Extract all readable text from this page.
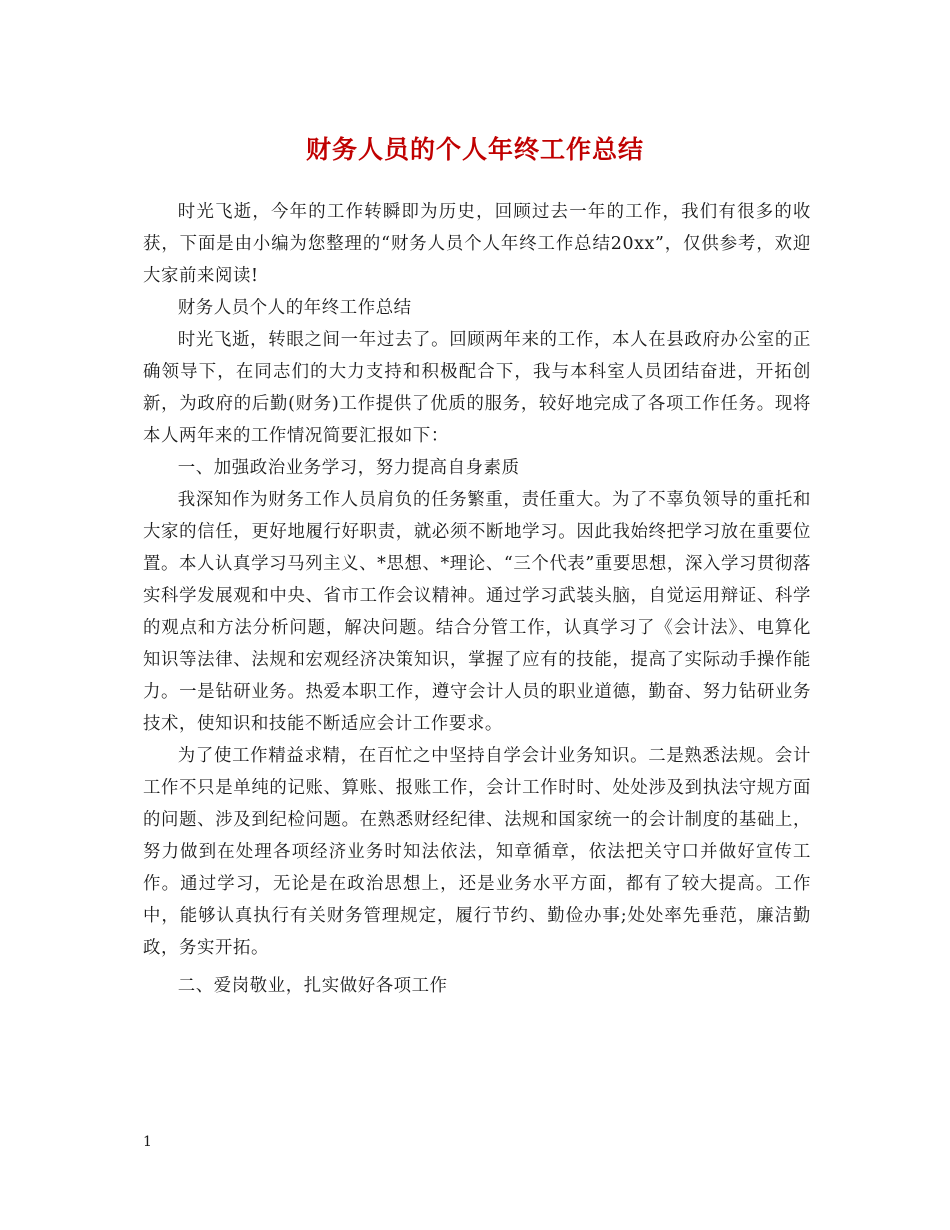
财务人员的个人年终工作总结

时光飞逝，今年的工作转瞬即为历史，回顾过去一年的工作，我们有很多的收获，下面是由小编为您整理的“财务人员个人年终工作总结20xx”，仅供参考，欢迎大家前来阅读!

财务人员个人的年终工作总结

时光飞逝，转眼之间一年过去了。回顾两年来的工作，本人在县政府办公室的正确领导下，在同志们的大力支持和积极配合下，我与本科室人员团结奋进，开拓创新，为政府的后勤(财务)工作提供了优质的服务，较好地完成了各项工作任务。现将本人两年来的工作情况简要汇报如下：

一、加强政治业务学习，努力提高自身素质

我深知作为财务工作人员肩负的任务繁重，责任重大。为了不辜负领导的重托和大家的信任，更好地履行好职责，就必须不断地学习。因此我始终把学习放在重要位置。本人认真学习马列主义、*思想、*理论、“三个代表”重要思想，深入学习贯彻落实科学发展观和中央、省市工作会议精神。通过学习武装头脑，自觉运用辩证、科学的观点和方法分析问题，解决问题。结合分管工作，认真学习了《会计法》、电算化知识等法律、法规和宏观经济决策知识，掌握了应有的技能，提高了实际动手操作能力。一是钻研业务。热爱本职工作，遵守会计人员的职业道德，勤奋、努力钻研业务技术，使知识和技能不断适应会计工作要求。

为了使工作精益求精，在百忙之中坚持自学会计业务知识。二是熟悉法规。会计工作不只是单纯的记账、算账、报账工作，会计工作时时、处处涉及到执法守规方面的问题、涉及到纪检问题。在熟悉财经纪律、法规和国家统一的会计制度的基础上，努力做到在处理各项经济业务时知法依法，知章循章，依法把关守口并做好宣传工作。通过学习，无论是在政治思想上，还是业务水平方面，都有了较大提高。工作中，能够认真执行有关财务管理规定，履行节约、勤俭办事;处处率先垂范，廉洁勤政，务实开拓。

二、爱岗敬业，扎实做好各项工作

1
